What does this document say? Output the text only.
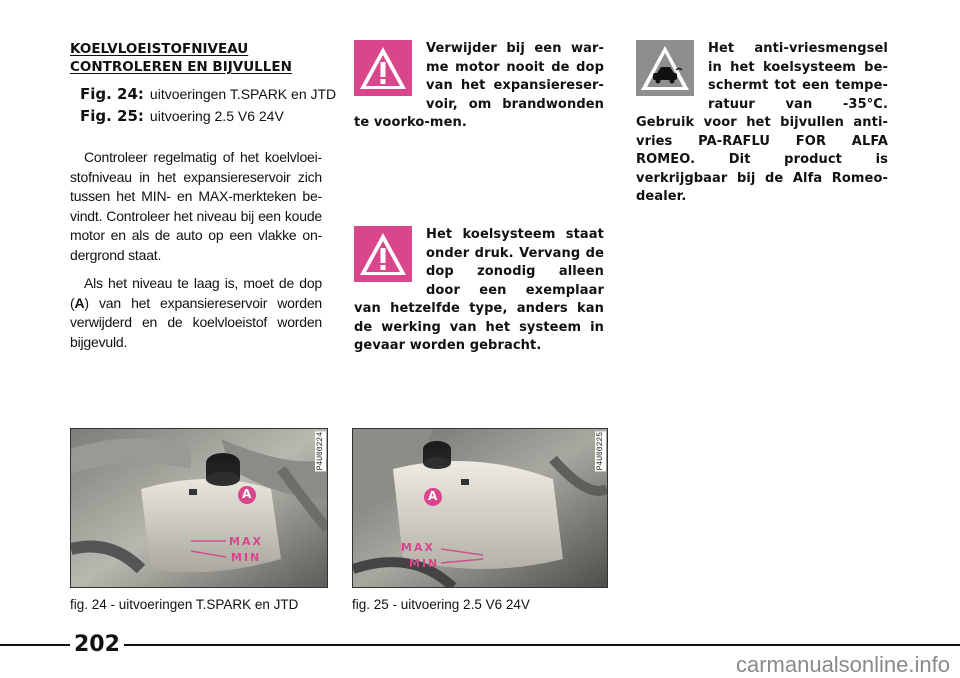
KOELVLOEISTOFNIVEAU
CONTROLEREN EN BIJVULLEN
Fig. 24: uitvoeringen T.SPARK en JTD
Fig. 25: uitvoering 2.5 V6 24V
Controleer regelmatig of het koelvloei-stofniveau in het expansiereservoir zich tussen het MIN- en MAX-merkteken be-vindt. Controleer het niveau bij een koude motor en als de auto op een vlakke on-dergrond staat.
Als het niveau te laag is, moet de dop (A) van het expansiereservoir worden verwijderd en de koelvloeistof worden bijgevuld.
Verwijder bij een war-me motor nooit de dop van het expansiereser-voir, om brandwonden te voorko-men.
Het koelsysteem staat onder druk. Vervang de dop zonodig alleen door een exemplaar van hetzelfde type, anders kan de werking van het systeem in gevaar worden gebracht.
Het anti-vriesmengsel in het koelsysteem be-schermt tot een tempe-ratuur van -35°C. Gebruik voor het bijvullen anti-vries PA-RAFLU FOR ALFA ROMEO. Dit product is verkrijgbaar bij de Alfa Romeo-dealer.
A
MAX
MIN
P4U00224
fig. 24 - uitvoeringen T.SPARK en JTD
A
MAX
MIN
P4U00225
fig. 25 - uitvoering 2.5 V6 24V
202
carmanualsonline.info
